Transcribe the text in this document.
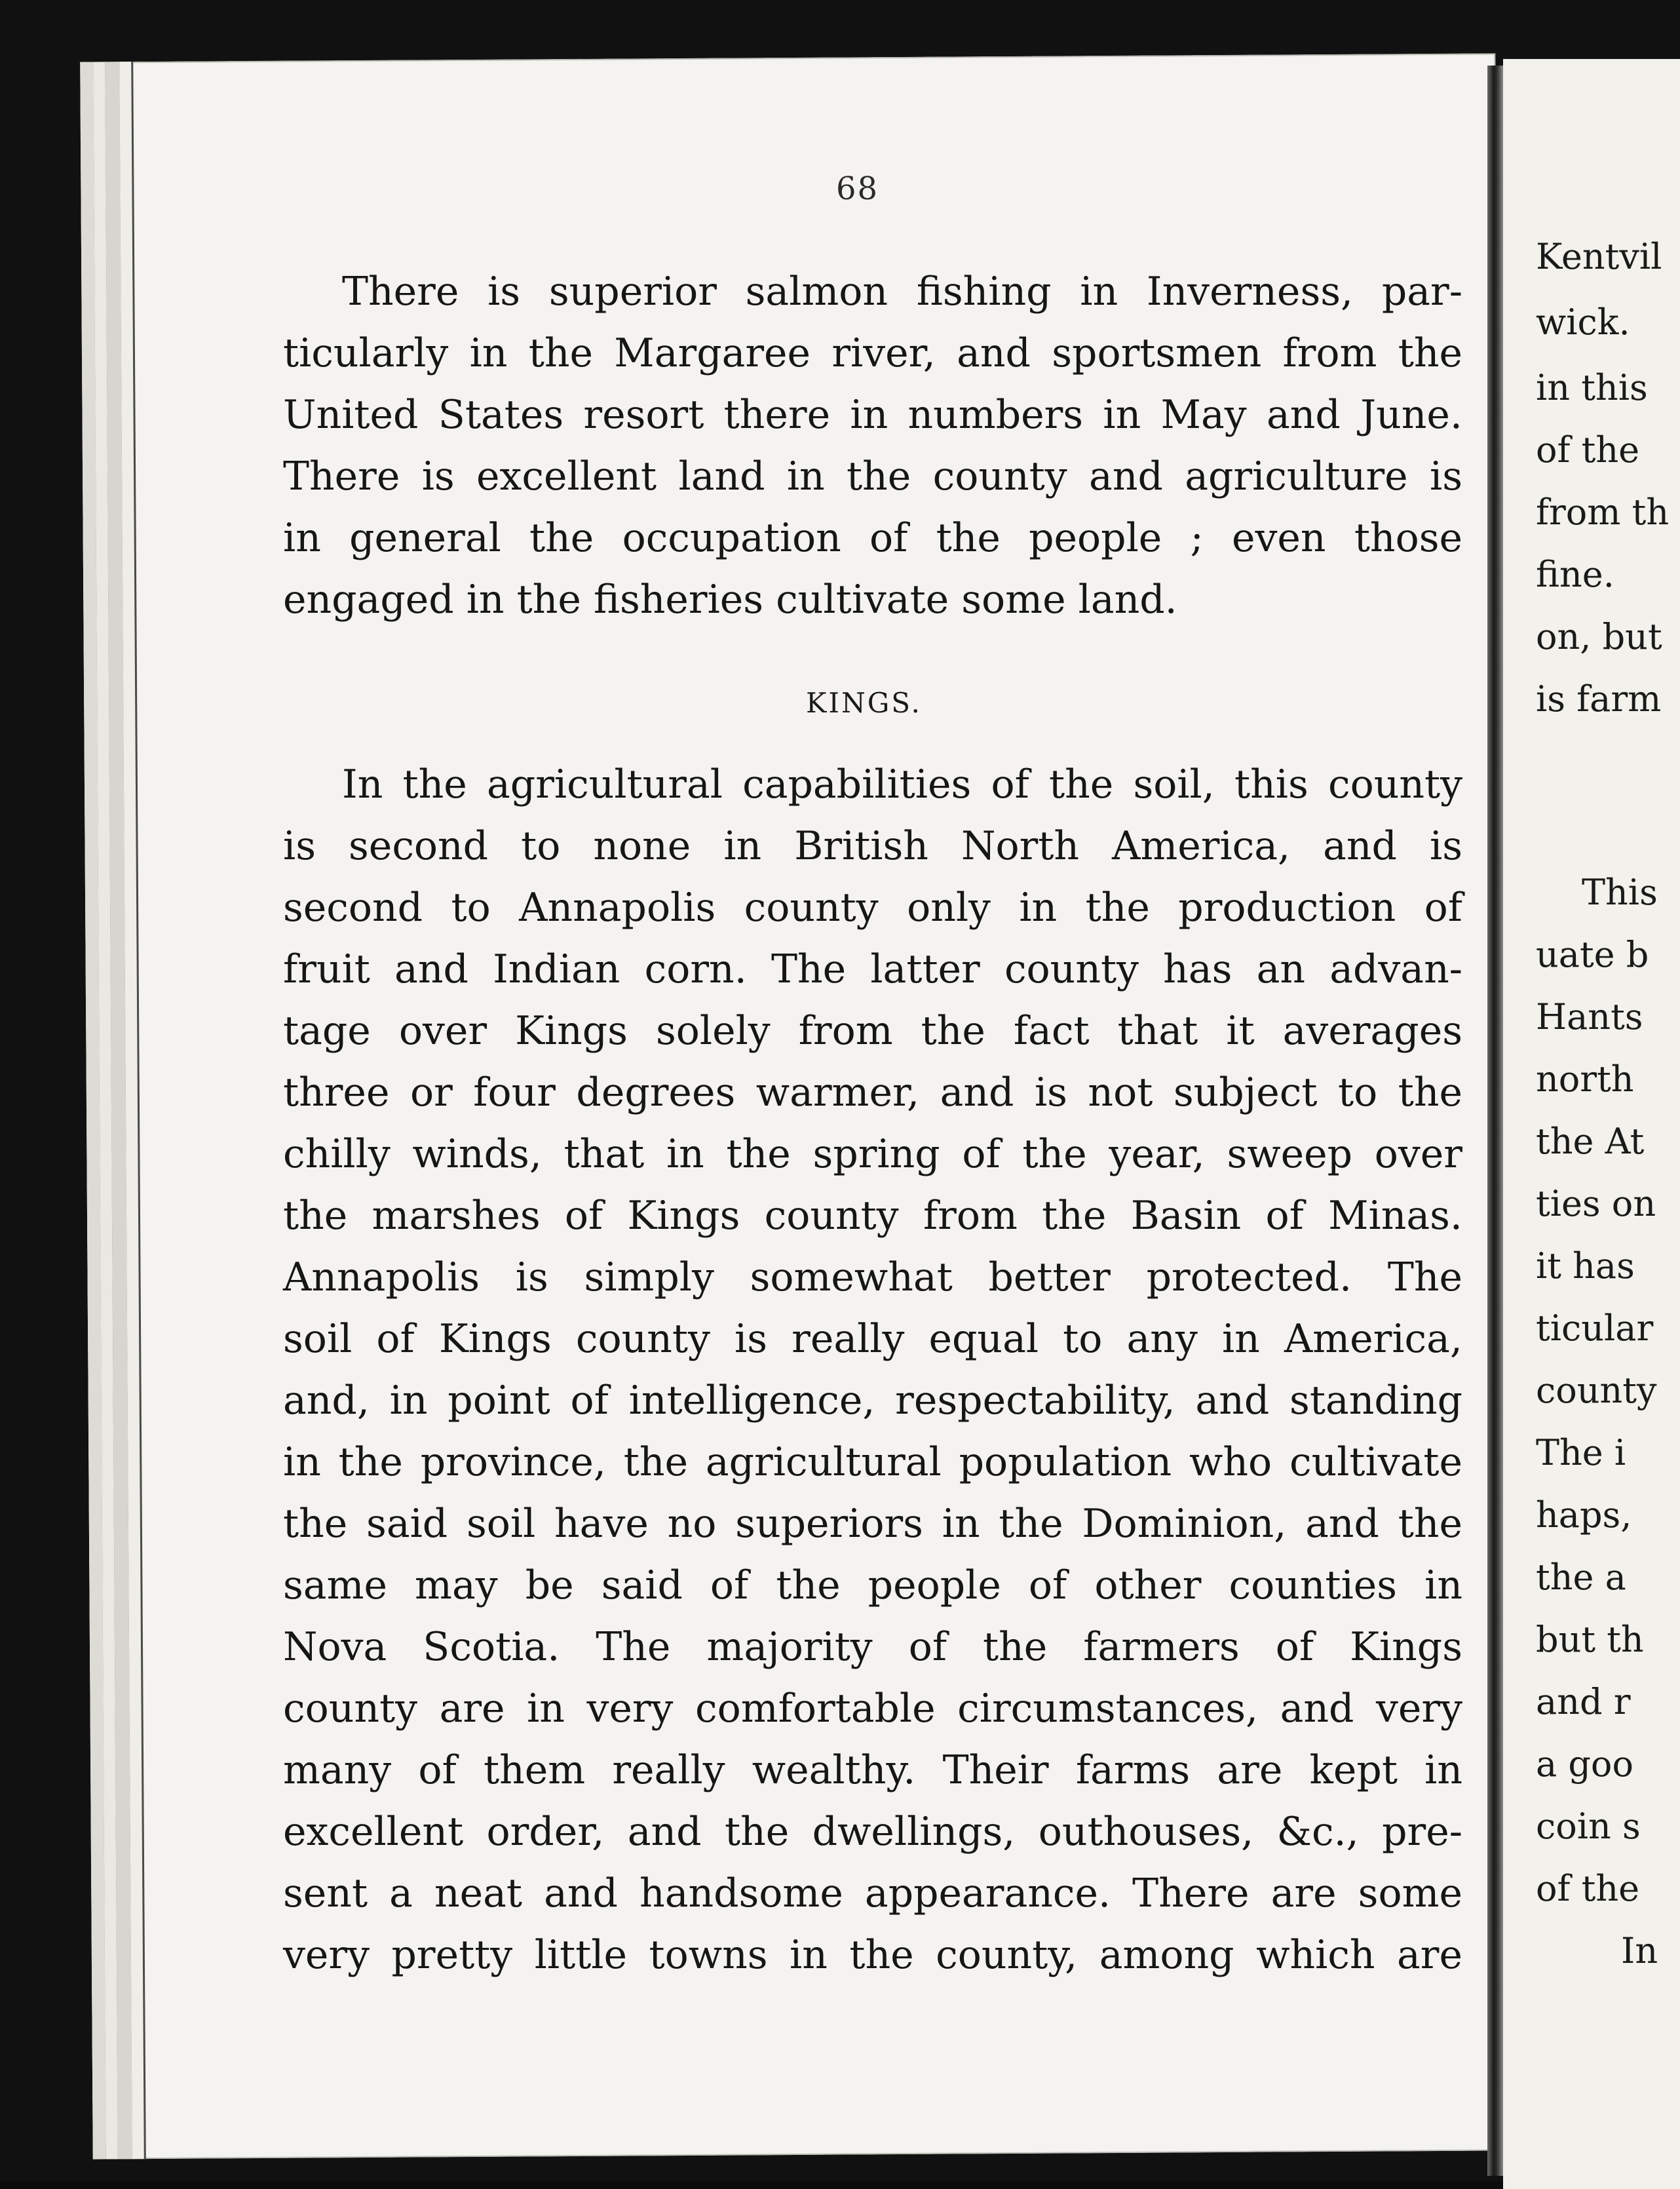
Kentvil
wick.
in this
of the
from th
fine.
on, but
is farm
This
uate b
Hants
north
the At
ties on
it has
ticular
county
The i
haps,
the a
but th
and r
a goo
coin s
of the
In
68
There is superior salmon fishing in Inverness, par-
ticularly in the Margaree river, and sportsmen from the
United States resort there in numbers in May and June.
There is excellent land in the county and agriculture is
in general the occupation of the people ; even those
engaged in the fisheries cultivate some land.
KINGS.
In the agricultural capabilities of the soil, this county
is second to none in British North America, and is
second to Annapolis county only in the production of
fruit and Indian corn. The latter county has an advan-
tage over Kings solely from the fact that it averages
three or four degrees warmer, and is not subject to the
chilly winds, that in the spring of the year, sweep over
the marshes of Kings county from the Basin of Minas.
Annapolis is simply somewhat better protected. The
soil of Kings county is really equal to any in America,
and, in point of intelligence, respectability, and standing
in the province, the agricultural population who cultivate
the said soil have no superiors in the Dominion, and the
same may be said of the people of other counties in
Nova Scotia. The majority of the farmers of Kings
county are in very comfortable circumstances, and very
many of them really wealthy. Their farms are kept in
excellent order, and the dwellings, outhouses, &c., pre-
sent a neat and handsome appearance. There are some
very pretty little towns in the county, among which are
